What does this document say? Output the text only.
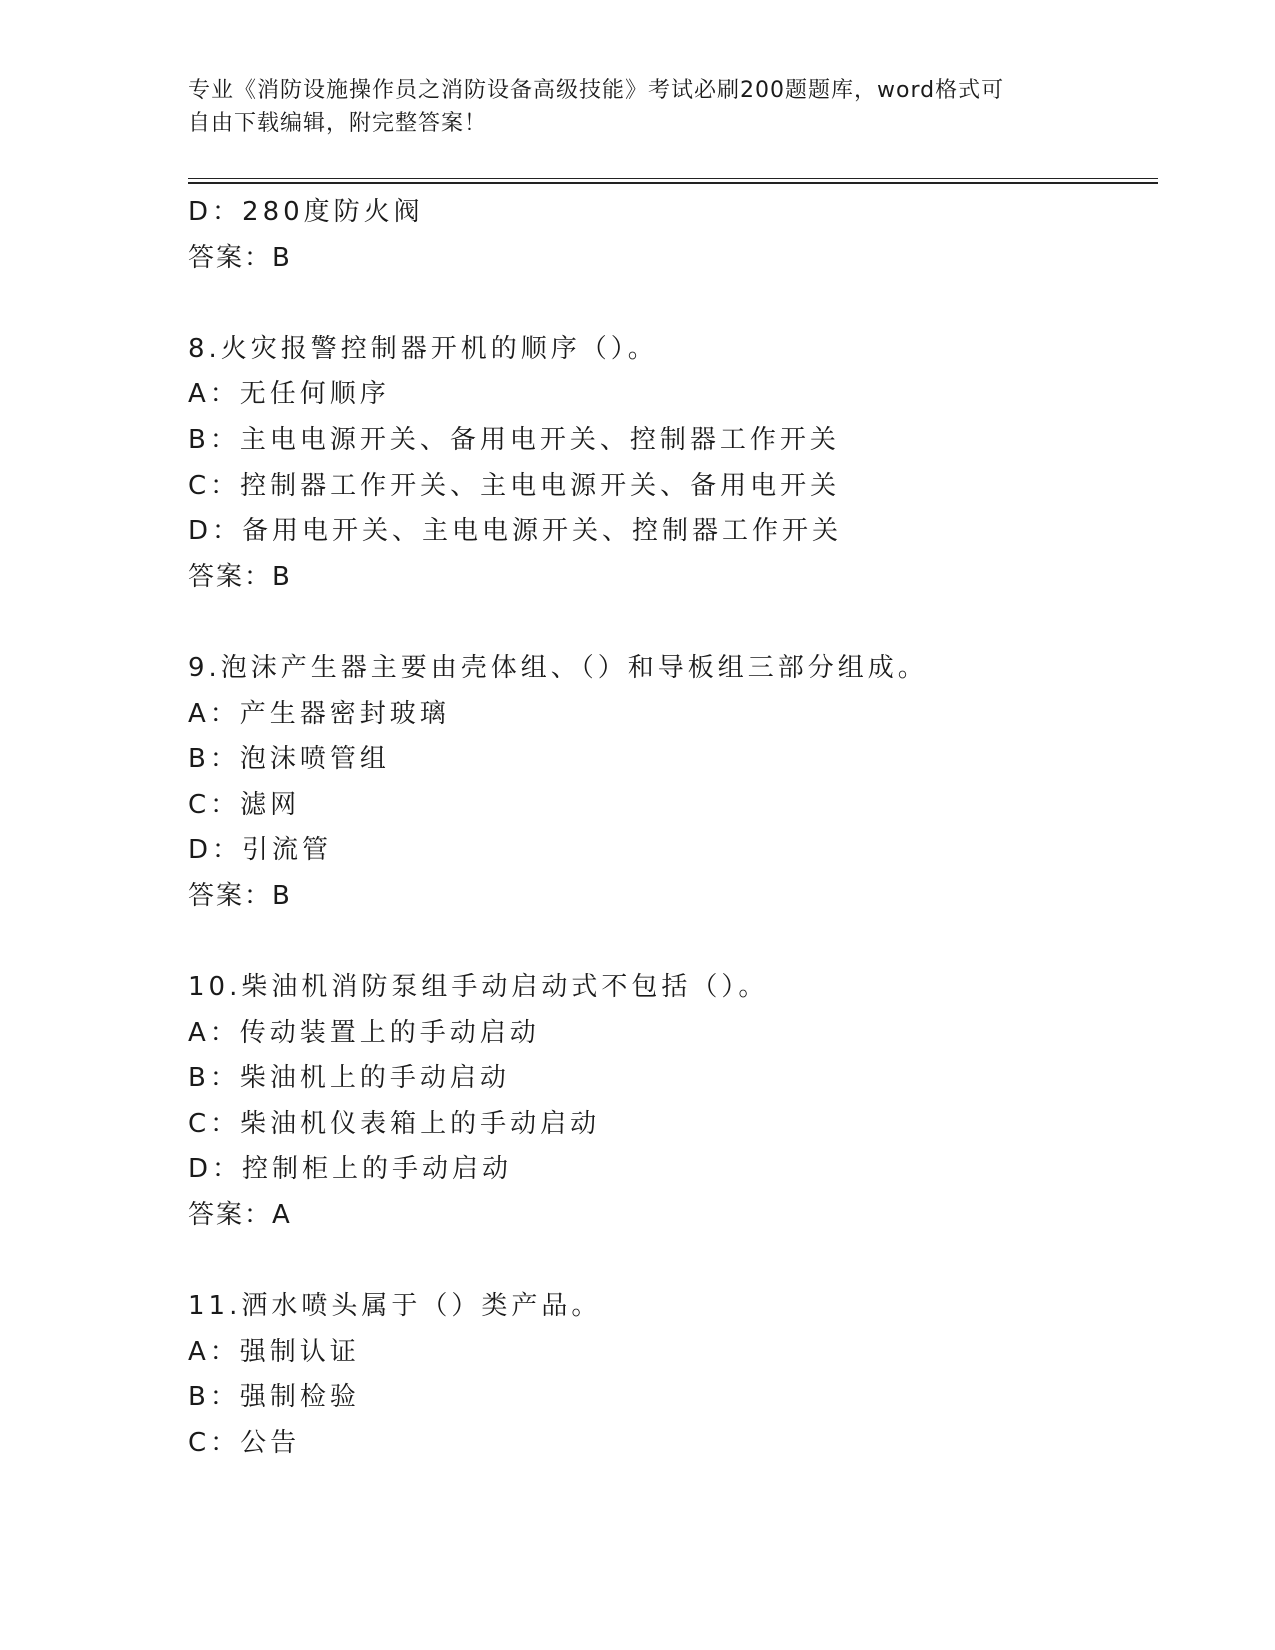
专业《消防设施操作员之消防设备高级技能》考试必刷200题题库，word格式可
自由下载编辑，附完整答案！
D：280度防火阀
答案：B
8.火灾报警控制器开机的顺序（）。
A：无任何顺序
B：主电电源开关、备用电开关、控制器工作开关
C：控制器工作开关、主电电源开关、备用电开关
D：备用电开关、主电电源开关、控制器工作开关
答案：B
9.泡沫产生器主要由壳体组、（）和导板组三部分组成。
A：产生器密封玻璃
B：泡沫喷管组
C：滤网
D：引流管
答案：B
10.柴油机消防泵组手动启动式不包括（）。
A：传动装置上的手动启动
B：柴油机上的手动启动
C：柴油机仪表箱上的手动启动
D：控制柜上的手动启动
答案：A
11.洒水喷头属于（）类产品。
A：强制认证
B：强制检验
C：公告
